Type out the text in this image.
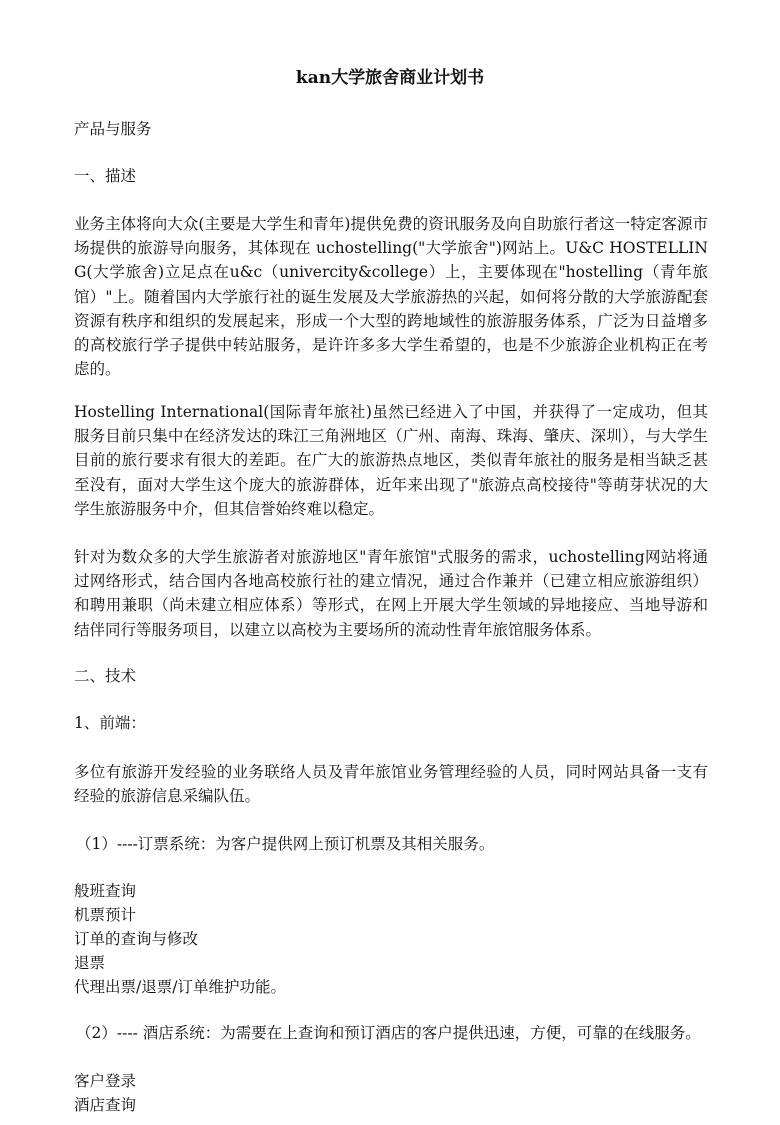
kan大学旅舍商业计划书
产品与服务
一、描述
业务主体将向大众(主要是大学生和青年)提供免费的资讯服务及向自助旅行者这一特定客源市场提供的旅游导向服务，其体现在 uchostelling("大学旅舍")网站上。U&C HOSTELLING(大学旅舍)立足点在u&c（univercity&college）上，主要体现在"hostelling（青年旅馆）"上。随着国内大学旅行社的诞生发展及大学旅游热的兴起，如何将分散的大学旅游配套资源有秩序和组织的发展起来，形成一个大型的跨地域性的旅游服务体系，广泛为日益增多的高校旅行学子提供中转站服务，是许许多多大学生希望的，也是不少旅游企业机构正在考虑的。
Hostelling International(国际青年旅社)虽然已经进入了中国，并获得了一定成功，但其服务目前只集中在经济发达的珠江三角洲地区（广州、南海、珠海、肇庆、深圳），与大学生目前的旅行要求有很大的差距。在广大的旅游热点地区，类似青年旅社的服务是相当缺乏甚至没有，面对大学生这个庞大的旅游群体，近年来出现了"旅游点高校接待"等萌芽状况的大学生旅游服务中介，但其信誉始终难以稳定。
针对为数众多的大学生旅游者对旅游地区"青年旅馆"式服务的需求，uchostelling网站将通过网络形式，结合国内各地高校旅行社的建立情况，通过合作兼并（已建立相应旅游组织）和聘用兼职（尚未建立相应体系）等形式，在网上开展大学生领域的异地接应、当地导游和结伴同行等服务项目，以建立以高校为主要场所的流动性青年旅馆服务体系。
二、技术
1、前端：
多位有旅游开发经验的业务联络人员及青年旅馆业务管理经验的人员，同时网站具备一支有经验的旅游信息采编队伍。
（1）----订票系统：为客户提供网上预订机票及其相关服务。
般班查询
机票预计
订单的查询与修改
退票
代理出票/退票/订单维护功能。
（2）---- 酒店系统：为需要在上查询和预订酒店的客户提供迅速，方便，可靠的在线服务。
客户登录
酒店查询
